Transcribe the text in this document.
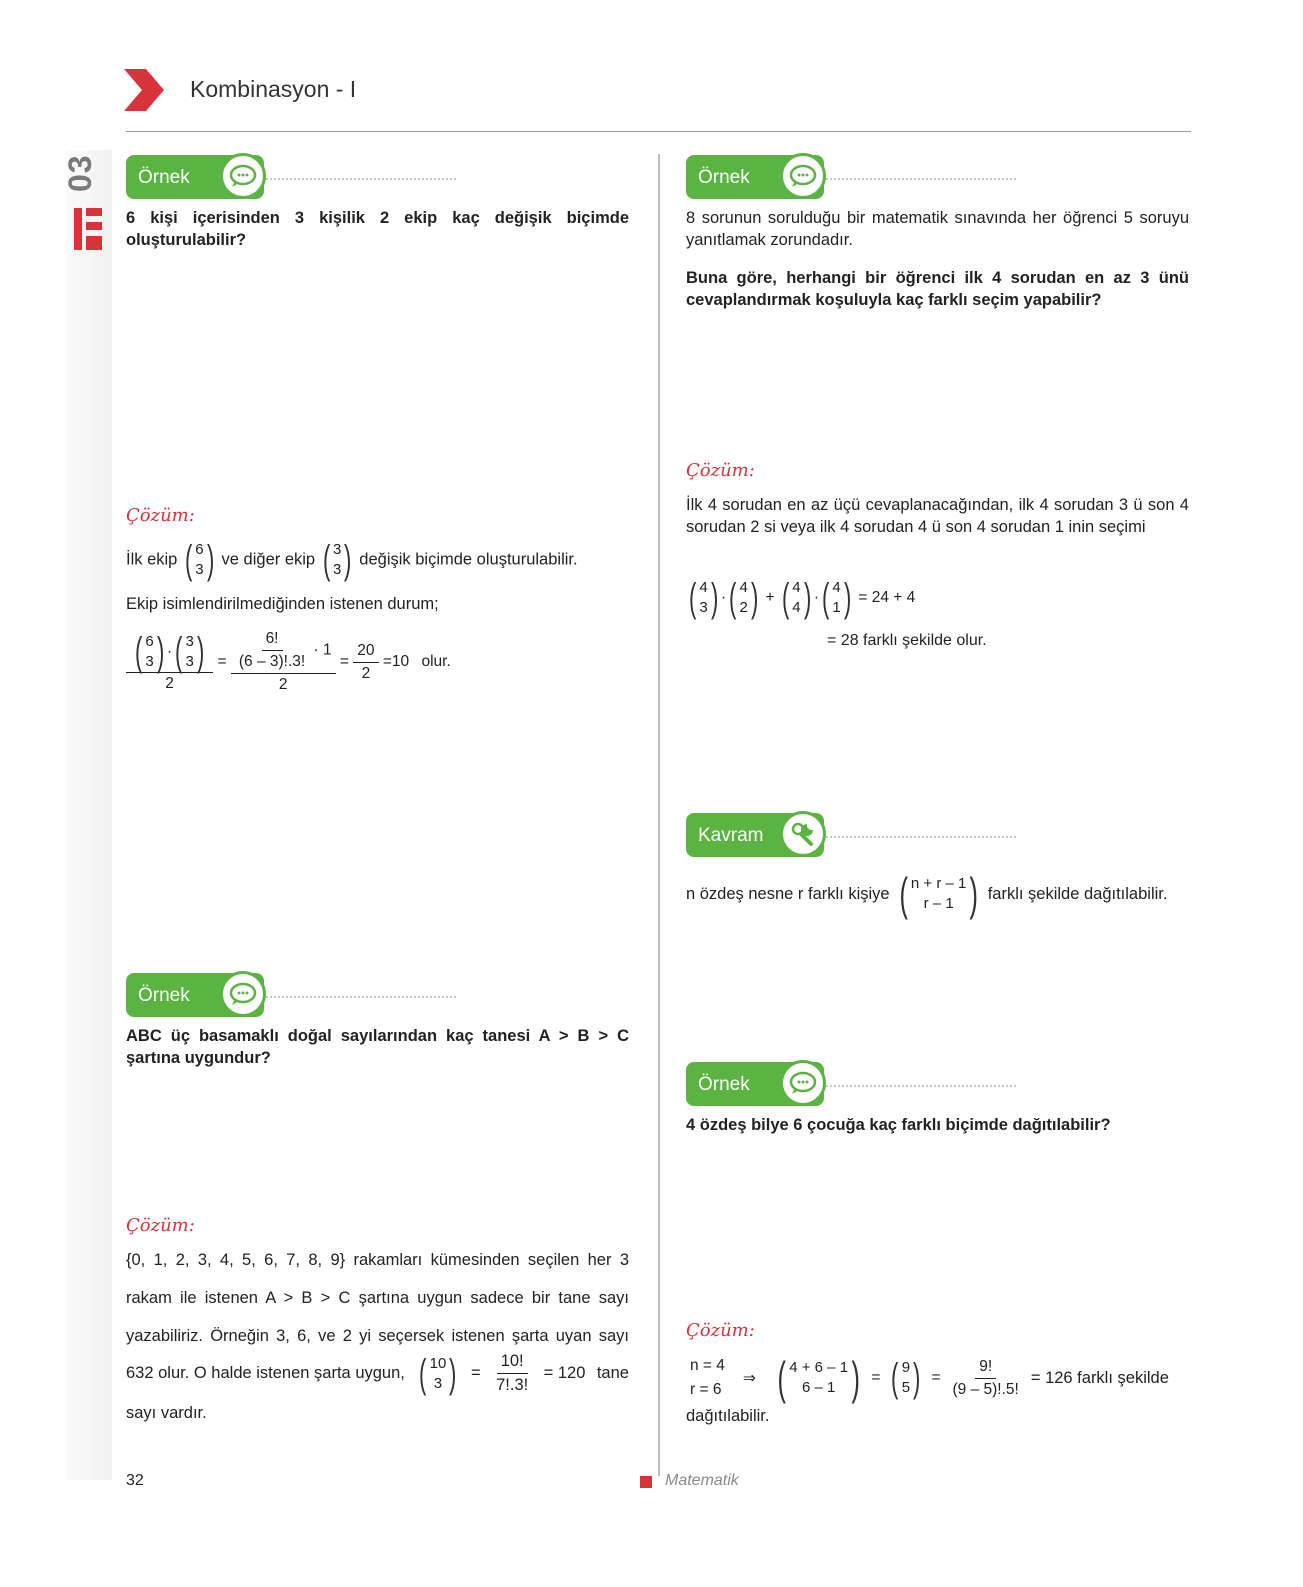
Kombinasyon - I
03	Örnek
6 kişi içerisinden 3 kişilik 2 ekip kaç değişik biçimde oluşturulabilir?
Çözüm:
İlk ekip ( 6
3 ) ve diğer ekip ( 3
3 ) değişik biçimde oluşturulabilir.
Ekip isimlendirilmediğinden istenen durum;
( 6
3 ) · ( 3
3 )
$2 = \frac{\frac{6!}{(6 - 3)!.3!} \cdot 1}{2} = \frac{20}{2} =10$ olur.
Örnek
ABC üç basamaklı doğal sayılarından kaç tanesi A > B > C şartına uygundur?
Çözüm:
{0, 1, 2, 3, 4, 5, 6, 7, 8, 9} rakamları kümesinden seçilen her 3
rakam ile istenen A > B > C şartına uygun sadece bir tane sayı
yazabiliriz. Örneğin 3, 6, ve 2 yi seçersek istenen şarta uyan sayı
632 olur. O halde istenen şarta uygun, ( 10
3 ) = $\frac{10!}{7!.3!} = 120$ tane
sayı vardır.
Örnek
8 sorunun sorulduğu bir matematik sınavında her öğrenci 5 soruyu yanıtlamak zorundadır.
Buna göre, herhangi bir öğrenci ilk 4 sorudan en az 3 ünü cevaplandırmak koşuluyla kaç farklı seçim yapabilir?
Çözüm:
İlk 4 sorudan en az üçü cevaplanacağından, ilk 4 sorudan 3 ü son 4 sorudan 2 si veya ilk 4 sorudan 4 ü son 4 sorudan 1 inin seçimi
( 4
3 ) · ( 4
2 ) + ( 4
4 ) · ( 4
1 ) = 24 + 4
= 28 farklı şekilde olur.
Kavram
n özdeş nesne r farklı kişiye ( n + r – 1
r – 1 ) farklı şekilde dağıtılabilir.
Örnek
4 özdeş bilye 6 çocuğa kaç farklı biçimde dağıtılabilir?
Çözüm:
n = 4
r = 6
⇒ ( 4 + 6 – 1
6 – 1 ) = ( 9
5 ) = $\frac{9!}{(9 - 5)!.5!} = 126$ farklı şekilde
dağıtılabilir.
32	Matematik
